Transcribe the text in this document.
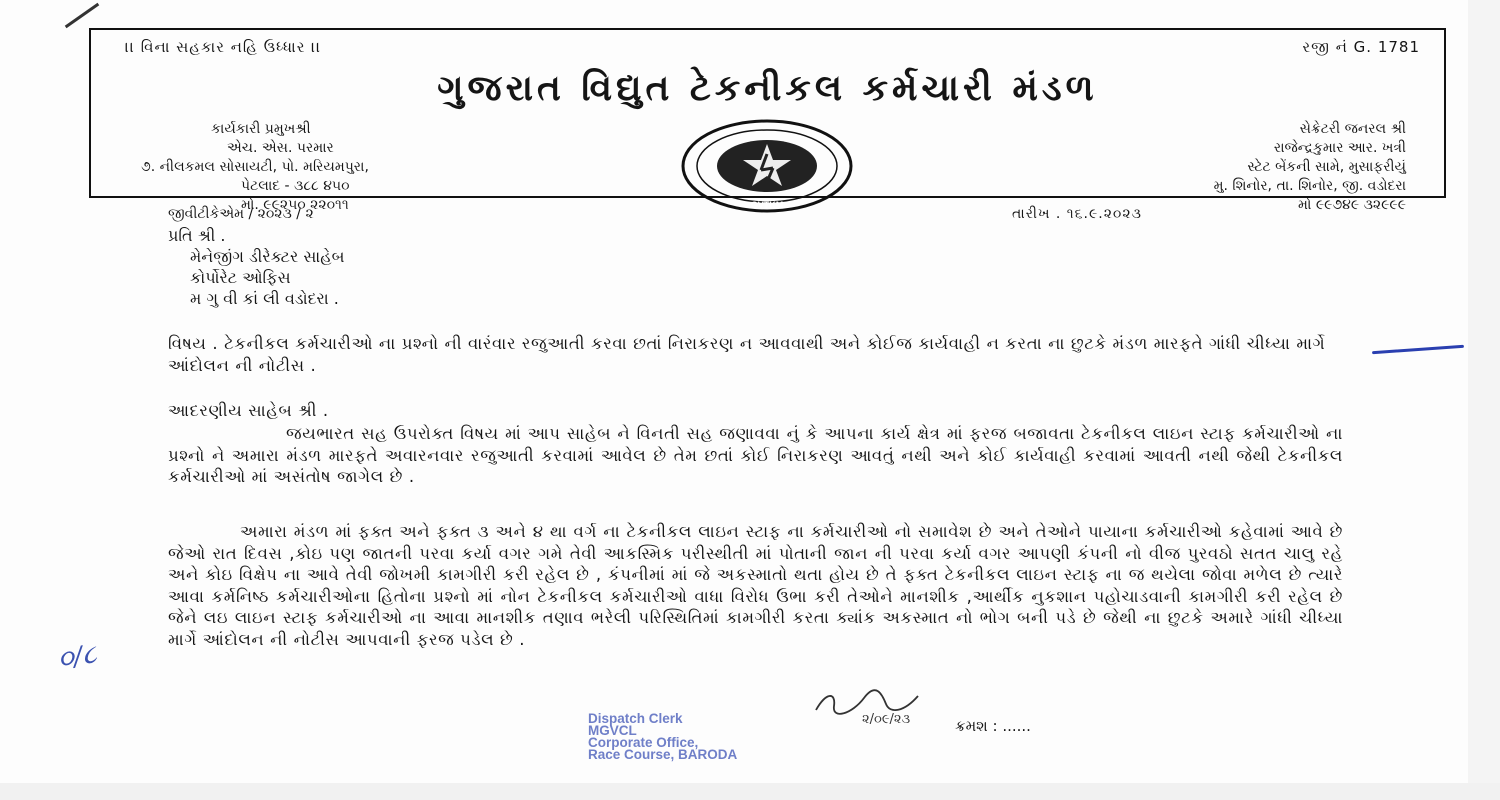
।। વિના સહકાર નહિ ઉધ્ધાર ।।	રજી નં G. 1781
ગુજરાત વિદ્યુત ટેકનીકલ કર્મચારી મંડળ
કાર્યકારી પ્રમુખશ્રી
એચ. એસ. પરમાર
૭. નીલકમલ સોસાયટી, પો. મરિયમપુરા,
પેટલાદ - ૩૮૮ ૪૫૦
મો. ૯૯૨૫૦ ૨૨૦૧૧	GVTKM
સેક્રેટરી જનરલ શ્રી
રાજેન્દ્રકુમાર આર. ખત્રી
સ્ટેટ બેંકની સામે, મુસાફરીયું
મુ. શિનોર, તા. શિનોર, જી. વડોદરા
મો ૯૯૭૪૯ ૩૨૯૯૯
જીવીટીકેએમ / ૨૦૨૩ / ૨	તારીખ . ૧૬.૯.૨૦૨૩
પ્રતિ શ્રી .
મેનેજીંગ ડીરેક્ટર સાહેબ
કોર્પોરેટ ઓફિસ
મ ગુ વી કાં લી વડોદરા .
વિષય . ટેકનીકલ કર્મચારીઓ ના પ્રશ્નો ની વારંવાર રજુઆતી કરવા છતાં નિરાકરણ ન આવવાથી અને કોઈજ કાર્યવાહી ન કરતા ના છુટકે મંડળ મારફતે ગાંધી ચીધ્યા માર્ગે આંદોલન ની નોટીસ .
આદરણીય સાહેબ શ્રી .
જયભારત સહ ઉપરોક્ત વિષય માં આપ સાહેબ ને વિનતી સહ જણાવવા નું કે આપના કાર્ય ક્ષેત્ર માં ફરજ બજાવતા ટેકનીકલ લાઇન સ્ટાફ કર્મચારીઓ ના પ્રશ્નો ને અમારા મંડળ મારફતે અવારનવાર રજુઆતી કરવામાં આવેલ છે તેમ છતાં કોઈ નિરાકરણ આવતું નથી અને કોઈ કાર્યવાહી કરવામાં આવતી નથી જેથી ટેકનીકલ કર્મચારીઓ માં અસંતોષ જાગેલ છે .
અમારા મંડળ માં ફક્ત અને ફક્ત ૩ અને ૪ થા વર્ગ ના ટેકનીકલ લાઇન સ્ટાફ ના કર્મચારીઓ નો સમાવેશ છે અને તેઓને પાયાના કર્મચારીઓ કહેવામાં આવે છે જેઓ રાત દિવસ ,કોઇ પણ જાતની પરવા કર્યા વગર ગમે તેવી આકસ્મિક પરીસ્થીતી માં પોતાની જાન ની પરવા કર્યા વગર આપણી કંપની નો વીજ પુરવઠો સતત ચાલુ રહે અને કોઇ વિક્ષેપ ના આવે તેવી જોખમી કામગીરી કરી રહેલ છે , કંપનીમાં માં જે અકસ્માતો થતા હોય છે તે ફક્ત ટેકનીકલ લાઇન સ્ટાફ ના જ થયેલા જોવા મળેલ છે ત્યારે આવા કર્મનિષ્ઠ કર્મચારીઓના હિતોના પ્રશ્નો માં નોન ટેકનીકલ કર્મચારીઓ વાધા વિરોધ ઉભા કરી તેઓને માનશીક ,આર્થીક નુકશાન પહોચાડવાની કામગીરી કરી રહેલ છે જેને લઇ લાઇન સ્ટાફ કર્મચારીઓ ના આવા માનશીક તણાવ ભરેલી પરિસ્થિતિમાં કામગીરી કરતા ક્યાંક અકસ્માત નો ભોગ બની પડે છે જેથી ના છુટકે અમારે ગાંધી ચીધ્યા માર્ગે આંદોલન ની નોટીસ આપવાની ફરજ પડેલ છે .
૦/૮
Dispatch Clerk
MGVCL
Corporate Office,
Race Course, BARODA
૨/૦૯/૨૩	ક્રમશ : ......
